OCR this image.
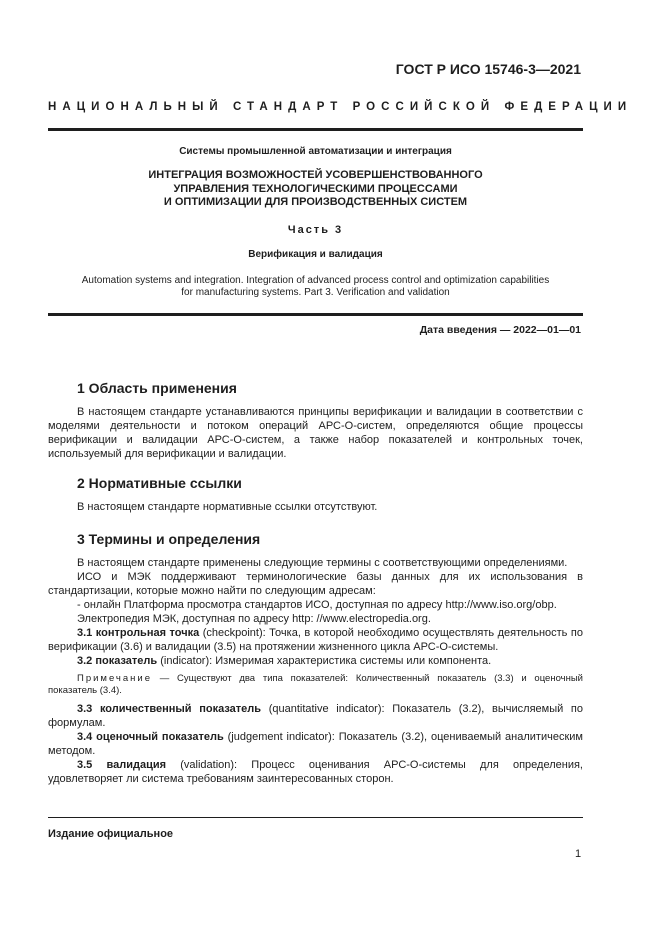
ГОСТ Р ИСО 15746-3—2021
НАЦИОНАЛЬНЫЙ СТАНДАРТ РОССИЙСКОЙ ФЕДЕРАЦИИ
Системы промышленной автоматизации и интеграция
ИНТЕГРАЦИЯ ВОЗМОЖНОСТЕЙ УСОВЕРШЕНСТВОВАННОГО
УПРАВЛЕНИЯ ТЕХНОЛОГИЧЕСКИМИ ПРОЦЕССАМИ
И ОПТИМИЗАЦИИ ДЛЯ ПРОИЗВОДСТВЕННЫХ СИСТЕМ
Часть 3
Верификация и валидация
Automation systems and integration. Integration of advanced process control and optimization capabilities
for manufacturing systems. Part 3. Verification and validation
Дата введения — 2022—01—01
1 Область применения

В настоящем стандарте устанавливаются принципы верификации и валидации в соответствии с моделями деятельности и потоком операций АРС-О-систем, определяются общие процессы верификации и валидации АРС-О-систем, а также набор показателей и контрольных точек, используемый для верификации и валидации.

2 Нормативные ссылки

В настоящем стандарте нормативные ссылки отсутствуют.

3 Термины и определения

В настоящем стандарте применены следующие термины с соответствующими определениями.

ИСО и МЭК поддерживают терминологические базы данных для их использования в стандартизации, которые можно найти по следующим адресам:

- онлайн Платформа просмотра стандартов ИСО, доступная по адресу http://www.iso.org/obp.

Электропедия МЭК, доступная по адресу http: //www.electropedia.org.

3.1 контрольная точка (checkpoint): Точка, в которой необходимо осуществлять деятельность по верификации (3.6) и валидации (3.5) на протяжении жизненного цикла АРС-О-системы.

3.2 показатель (indicator): Измеримая характеристика системы или компонента.

Примечание — Существуют два типа показателей: Количественный показатель (3.3) и оценочный показатель (3.4).

3.3 количественный показатель (quantitative indicator): Показатель (3.2), вычисляемый по формулам.

3.4 оценочный показатель (judgement indicator): Показатель (3.2), оцениваемый аналитическим методом.

3.5 валидация (validation): Процесс оценивания АРС-О-системы для определения, удовлетворяет ли система требованиям заинтересованных сторон.

Издание официальное
1
